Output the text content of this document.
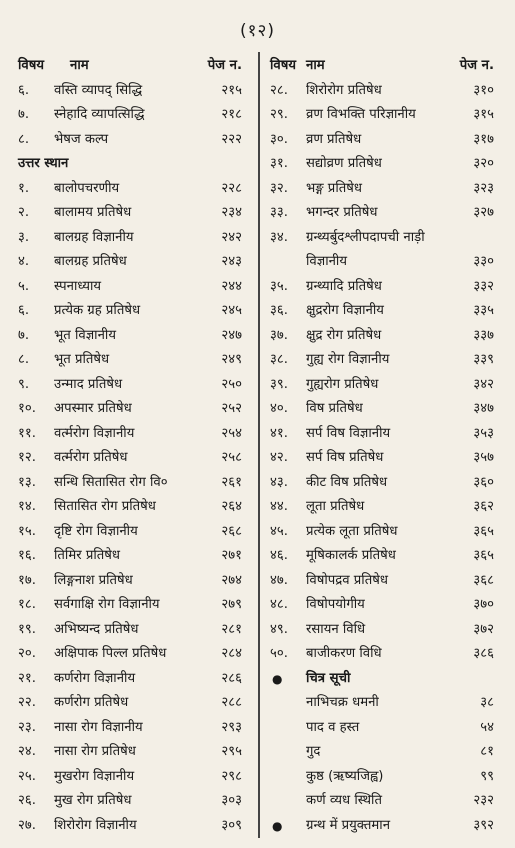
(१२)
विषय नाम	पेज न.
६. वस्ति व्यापद् सिद्धि	२१५
७. स्नेहादि व्यापत्सिद्धि	२१८
८. भेषज कल्प	२२२
उत्तर स्थान
१. बालोपचरणीय	२२८
२. बालामय प्रतिषेध	२३४
३. बालग्रह विज्ञानीय	२४२
४. बालग्रह प्रतिषेध	२४३
५. स्पनाध्याय	२४४
६. प्रत्येक ग्रह प्रतिषेध	२४५
७. भूत विज्ञानीय	२४७
८. भूत प्रतिषेध	२४९
९. उन्माद प्रतिषेध	२५०
१०. अपस्मार प्रतिषेध	२५२
११. वर्त्मरोग विज्ञानीय	२५४
१२. वर्त्मरोग प्रतिषेध	२५८
१३. सन्धि सितासित रोग वि०	२६१
१४. सितासित रोग प्रतिषेध	२६४
१५. दृष्टि रोग विज्ञानीय	२६८
१६. तिमिर प्रतिषेध	२७१
१७. लिङ्गनाश प्रतिषेध	२७४
१८. सर्वगाक्षि रोग विज्ञानीय	२७९
१९. अभिष्यन्द प्रतिषेध	२८१
२०. अक्षिपाक पिल्ल प्रतिषेध	२८४
२१. कर्णरोग विज्ञानीय	२८६
२२. कर्णरोग प्रतिषेध	२८८
२३. नासा रोग विज्ञानीय	२९३
२४. नासा रोग प्रतिषेध	२९५
२५. मुखरोग विज्ञानीय	२९८
२६. मुख रोग प्रतिषेध	३०३
२७. शिरोरोग विज्ञानीय	३०९
विषय नाम	पेज न.
२८. शिरोरोग प्रतिषेध	३१०
२९. व्रण विभक्ति परिज्ञानीय	३१५
३०. व्रण प्रतिषेध	३१७
३१. सद्योव्रण प्रतिषेध	३२०
३२. भङ्ग प्रतिषेध	३२३
३३. भगन्दर प्रतिषेध	३२७
३४. ग्रन्थ्यर्बुदश्लीपदापची नाड़ी
विज्ञानीय	३३०
३५. ग्रन्थ्यादि प्रतिषेध	३३२
३६. क्षुद्ररोग विज्ञानीय	३३५
३७. क्षुद्र रोग प्रतिषेध	३३७
३८. गुह्य रोग विज्ञानीय	३३९
३९. गुह्यरोग प्रतिषेध	३४२
४०. विष प्रतिषेध	३४७
४१. सर्प विष विज्ञानीय	३५३
४२. सर्प विष प्रतिषेध	३५७
४३. कीट विष प्रतिषेध	३६०
४४. लूता प्रतिषेध	३६२
४५. प्रत्येक लूता प्रतिषेध	३६५
४६. मूषिकालर्क प्रतिषेध	३६५
४७. विषोपद्रव प्रतिषेध	३६८
४८. विषोपयोगीय	३७०
४९. रसायन विधि	३७२
५०. बाजीकरण विधि	३८६
● चित्र सूची
नाभिचक्र धमनी	३८
पाद व हस्त	५४
गुद	८१
कुष्ठ (ऋष्यजिह्व)	९९
कर्ण व्यध स्थिति	२३२
● ग्रन्थ में प्रयुक्तमान	३९२
